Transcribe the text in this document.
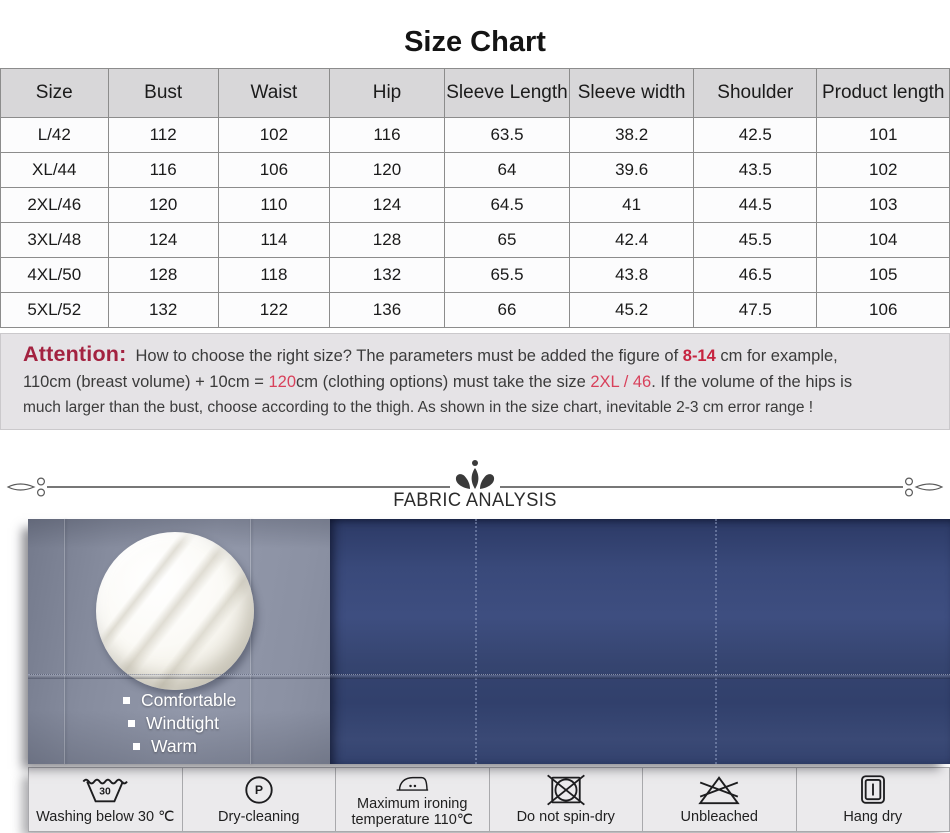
Size Chart
Size	Bust	Waist	Hip	Sleeve Length	Sleeve width	Shoulder	Product length
L/42	112	102	116	63.5	38.2	42.5	101
XL/44	116	106	120	64	39.6	43.5	102
2XL/46	120	110	124	64.5	41	44.5	103
3XL/48	124	114	128	65	42.4	45.5	104
4XL/50	128	118	132	65.5	43.8	46.5	105
5XL/52	132	122	136	66	45.2	47.5	106
Attention: How to choose the right size? The parameters must be added the figure of 8-14 cm for example,
110cm (breast volume) + 10cm = 120cm (clothing options) must take the size 2XL / 46. If the volume of the hips is
much larger than the bust, choose according to the thigh. As shown in the size chart, inevitable 2-3 cm error range !
FABRIC ANALYSIS
Comfortable
Windtight
Warm
30
Washing below 30 ℃
P
Dry-cleaning
Maximum ironing temperature 110℃	Do not spin-dry	Unbleached	Hang dry
